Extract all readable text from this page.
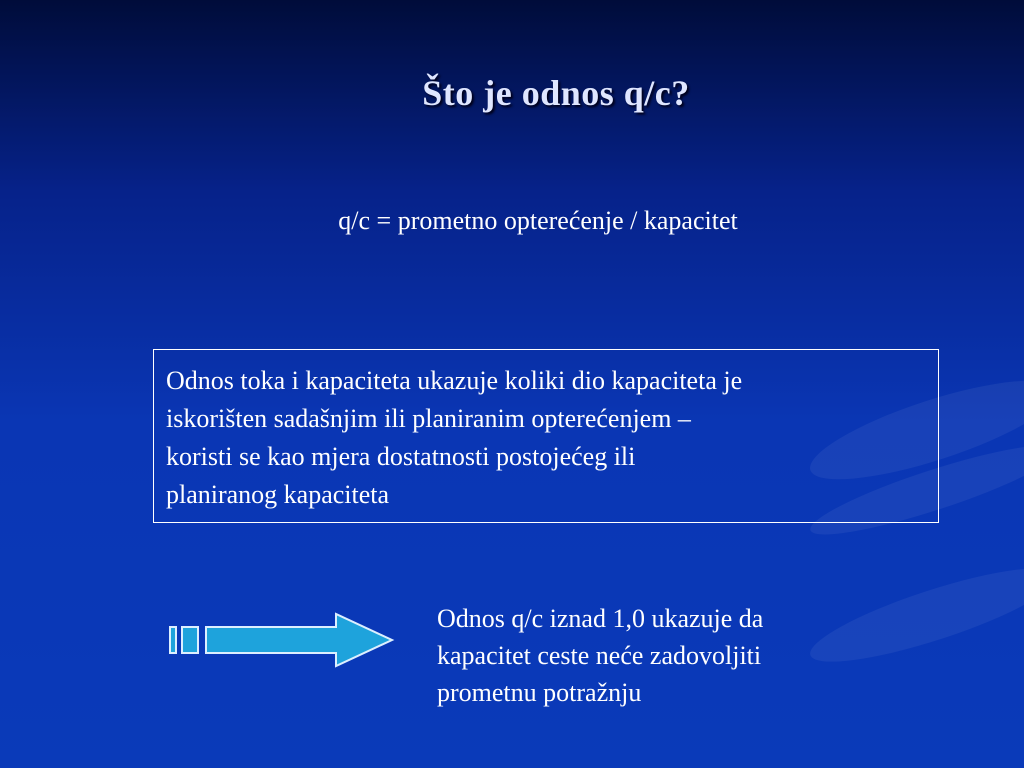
Što je odnos q/c?
q/c = prometno opterećenje / kapacitet
Odnos toka i kapaciteta ukazuje koliki dio kapaciteta je
iskorišten sadašnjim ili planiranim opterećenjem –
koristi se kao mjera dostatnosti postojećeg ili
planiranog kapaciteta
Odnos q/c iznad 1,0 ukazuje da
kapacitet ceste neće zadovoljiti
prometnu potražnju
